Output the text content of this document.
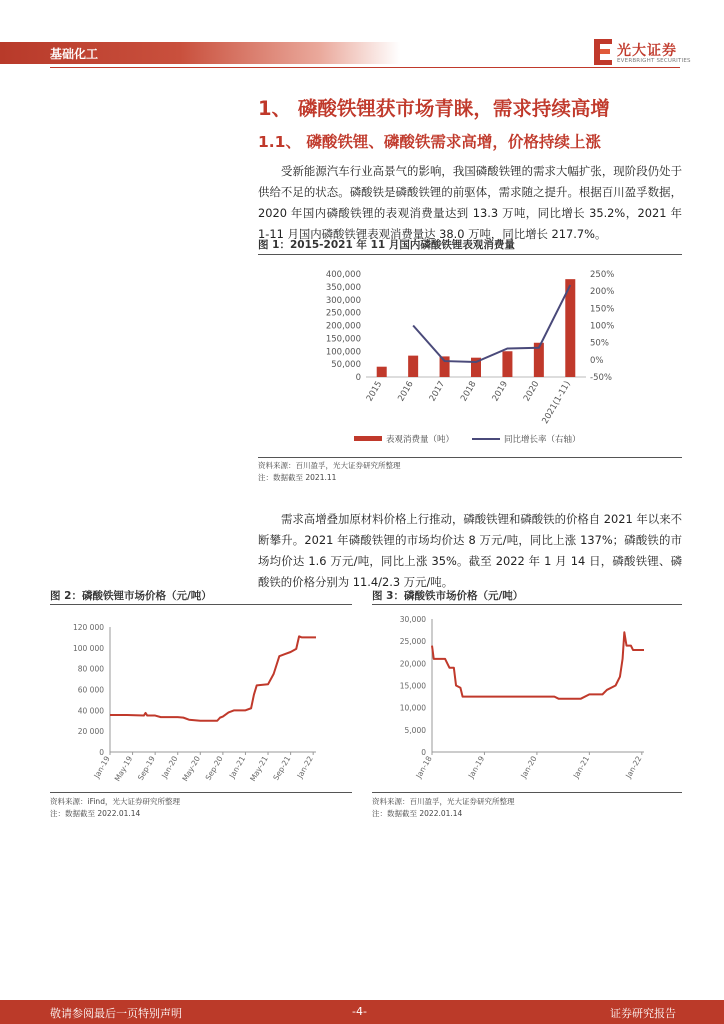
基础化工	光大证券
EVERBRIGHT SECURITIES
1、 磷酸铁锂获市场青睐，需求持续高增
1.1、 磷酸铁锂、磷酸铁需求高增，价格持续上涨

受新能源汽车行业高景气的影响，我国磷酸铁锂的需求大幅扩张，现阶段仍处于供给不足的状态。磷酸铁是磷酸铁锂的前驱体，需求随之提升。根据百川盈孚数据，2020 年国内磷酸铁锂的表观消费量达到 13.3 万吨，同比增长 35.2%，2021 年 1-11 月国内磷酸铁锂表观消费量达 38.0 万吨，同比增长 217.7%。

图 1：2015-2021 年 11 月国内磷酸铁锂表观消费量
0
50,000
100,000
150,000
200,000
250,000
300,000
350,000
400,000
-50%
0%
50%
100%
150%
200%
250%
2015 2016 2017 2018 2019 2020
2021(1-11)
表观消费量（吨）	同比增长率（右轴）
资料来源：百川盈孚，光大证券研究所整理
注：数据截至 2021.11

需求高增叠加原材料价格上行推动，磷酸铁锂和磷酸铁的价格自 2021 年以来不断攀升。2021 年磷酸铁锂的市场均价达 8 万元/吨，同比上涨 137%；磷酸铁的市场均价达 1.6 万元/吨，同比上涨 35%。截至 2022 年 1 月 14 日，磷酸铁锂、磷酸铁的价格分别为 11.4/2.3 万元/吨。

图 2：磷酸铁锂市场价格（元/吨）
0
20 000
40 000
60 000
80 000
100 000
120 000
Jan-19 May-19 Sep-19 Jan-20 May-20 Sep-20 Jan-21 May-21 Sep-21 Jan-22
资料来源：iFind，光大证券研究所整理
注：数据截至 2022.01.14
图 3：磷酸铁市场价格（元/吨）
0
5,000
10,000
15,000
20,000
25,000
30,000
Jan-18	Jan-19	Jan-20	Jan-21	Jan-22
资料来源：百川盈孚，光大证券研究所整理
注：数据截至 2022.01.14
敬请参阅最后一页特别声明	-4-	证券研究报告
